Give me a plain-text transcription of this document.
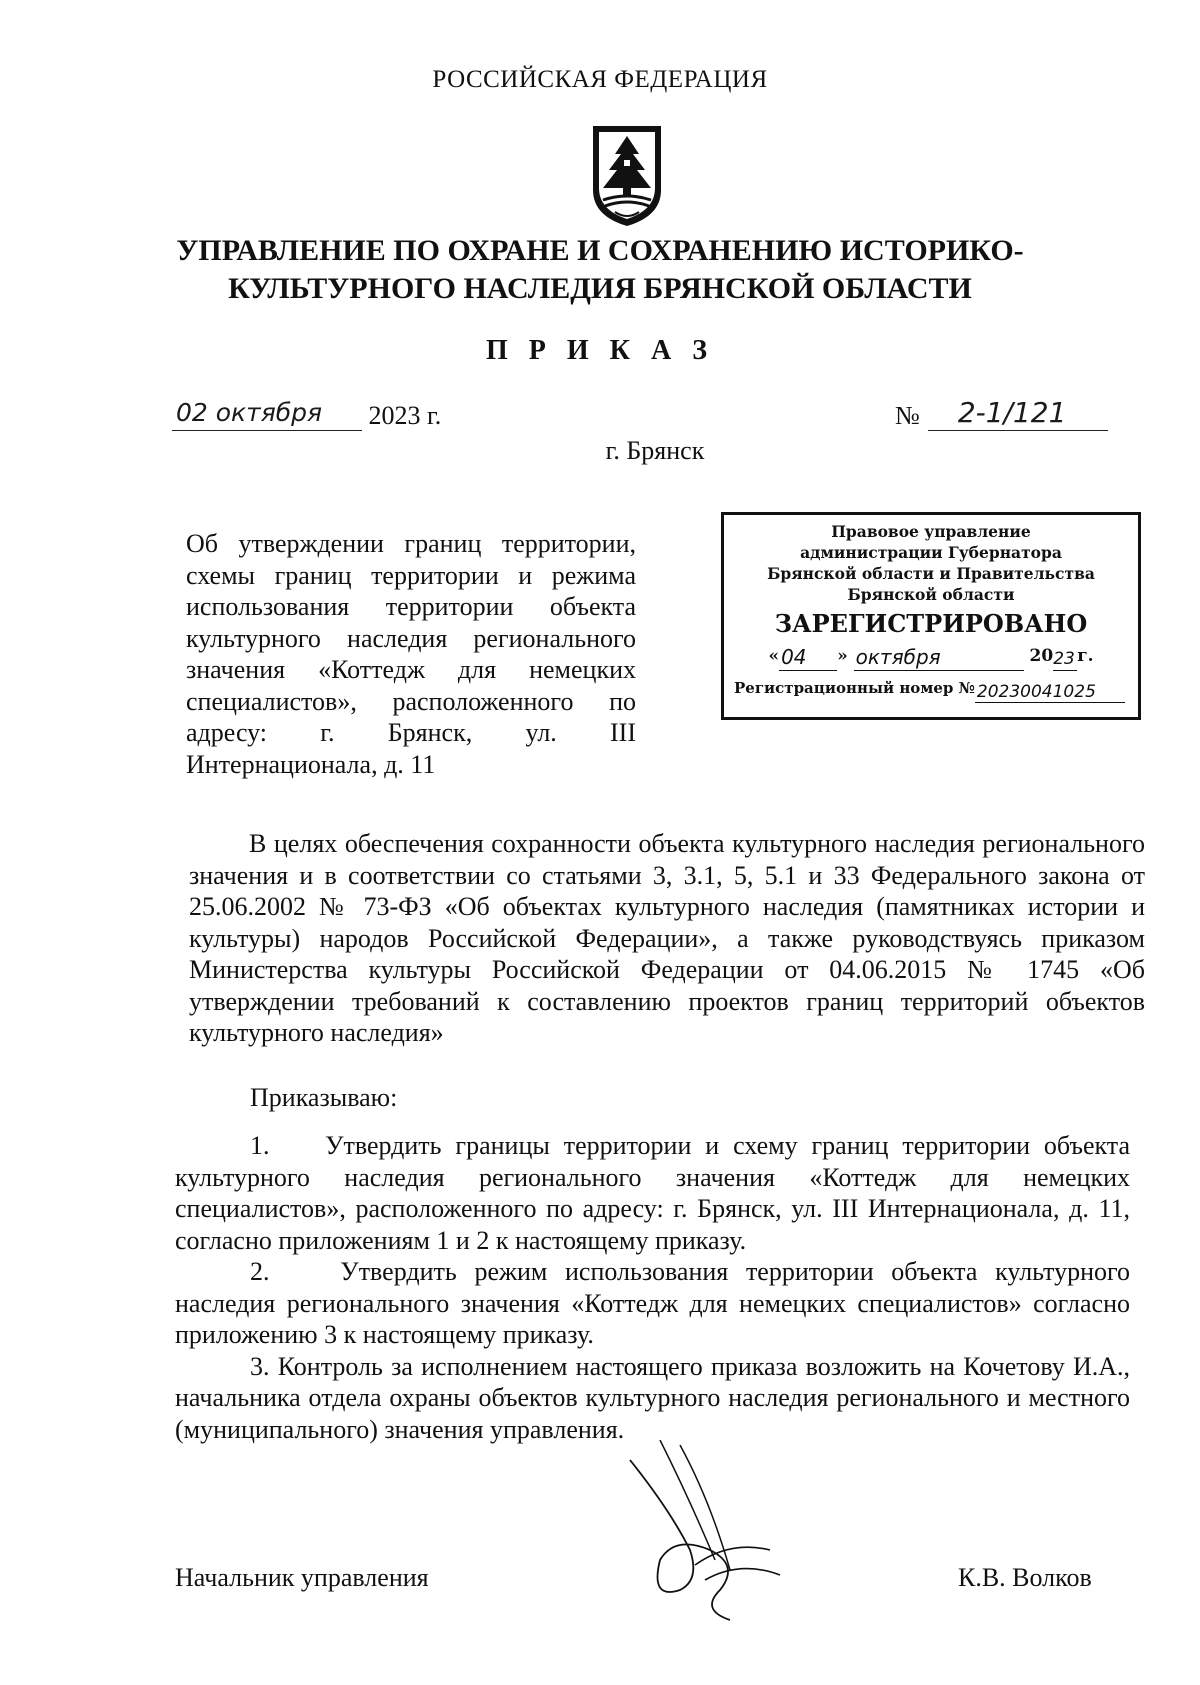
РОССИЙСКАЯ ФЕДЕРАЦИЯ
УПРАВЛЕНИЕ ПО ОХРАНЕ И СОХРАНЕНИЮ ИСТОРИКО-
КУЛЬТУРНОГО НАСЛЕДИЯ БРЯНСКОЙ ОБЛАСТИ
П Р И К А З
02 октября 2023 г.	№ 2-1/121
г. Брянск
Об утверждении границ территории, схемы границ территории и режима использования территории объекта культурного наследия регионального значения «Коттедж для немецких специалистов», расположенного по адресу: г. Брянск, ул. III Интернационала, д. 11
Правовое управление
администрации Губернатора
Брянской области и Правительства
Брянской области
ЗАРЕГИСТРИРОВАНО
« 04 » октября	20 23 г.
Регистрационный номер № 20230041025
В целях обеспечения сохранности объекта культурного наследия регионального значения и в соответствии со статьями 3, 3.1, 5, 5.1 и 33 Федерального закона от 25.06.2002 № 73-ФЗ «Об объектах культурного наследия (памятниках истории и культуры) народов Российской Федерации», а также руководствуясь приказом Министерства культуры Российской Федерации от 04.06.2015 № 1745 «Об утверждении требований к составлению проектов границ территорий объектов культурного наследия»
Приказываю:

1.    Утвердить границы территории и схему границ территории объекта культурного наследия регионального значения «Коттедж для немецких специалистов», расположенного по адресу: г. Брянск, ул. III Интернационала, д. 11, согласно приложениям 1 и 2 к настоящему приказу.

2.    Утвердить режим использования территории объекта культурного наследия регионального значения «Коттедж для немецких специалистов» согласно приложению 3 к настоящему приказу.

3. Контроль за исполнением настоящего приказа возложить на Кочетову И.А., начальника отдела охраны объектов культурного наследия регионального и местного (муниципального) значения управления.

Начальник управления	К.В. Волков
